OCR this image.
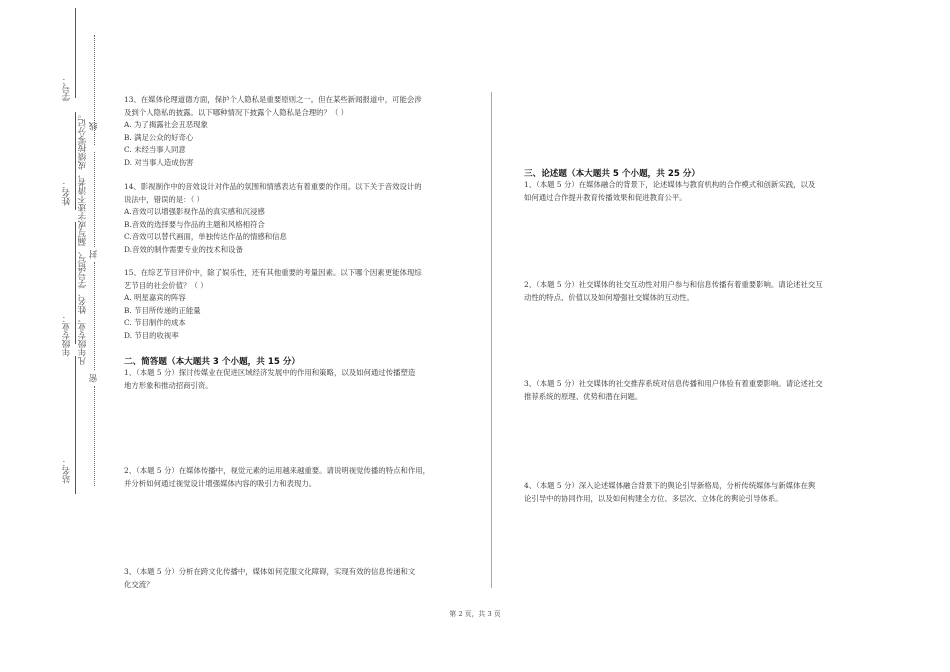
学号：
姓名：
年级专业：
站名：
凡年级专业、姓名、学号错写、漏写或字迹不清者，成绩按零分记。 线
封
密

13、在媒体伦理道德方面，保护个人隐私是重要原则之一。但在某些新闻报道中，可能会涉

及到个人隐私的披露。以下哪种情况下披露个人隐私是合理的？（ ）

A. 为了揭露社会丑恶现象

B. 满足公众的好奇心

C. 未经当事人同意

D. 对当事人造成伤害

14、影视制作中的音效设计对作品的氛围和情感表达有着重要的作用。以下关于音效设计的

说法中，错误的是：（ ）

A.音效可以增强影视作品的真实感和沉浸感

B.音效的选择要与作品的主题和风格相符合

C.音效可以替代画面，单独传达作品的情感和信息

D.音效的制作需要专业的技术和设备

15、在综艺节目评价中，除了娱乐性，还有其他重要的考量因素。以下哪个因素更能体现综

艺节目的社会价值？（ ）

A. 明星嘉宾的阵容

B. 节目所传递的正能量

C. 节目制作的成本

D. 节目的收视率

二、简答题（本大题共 3 个小题，共 15 分）

1、（本题 5 分）探讨传媒业在促进区域经济发展中的作用和策略，以及如何通过传播塑造

地方形象和推动招商引资。

2、（本题 5 分）在媒体传播中，视觉元素的运用越来越重要。请说明视觉传播的特点和作用，

并分析如何通过视觉设计增强媒体内容的吸引力和表现力。

3、（本题 5 分）分析在跨文化传播中，媒体如何克服文化障碍，实现有效的信息传递和文

化交流？

三、论述题（本大题共 5 个小题，共 25 分）

1、（本题 5 分）在媒体融合的背景下，论述媒体与教育机构的合作模式和创新实践，以及

如何通过合作提升教育传播效果和促进教育公平。

2、（本题 5 分）社交媒体的社交互动性对用户参与和信息传播有着重要影响。请论述社交互

动性的特点、价值以及如何增强社交媒体的互动性。

3、（本题 5 分）社交媒体的社交推荐系统对信息传播和用户体验有着重要影响。请论述社交

推荐系统的原理、优势和潜在问题。

4、（本题 5 分）深入论述媒体融合背景下的舆论引导新格局，分析传统媒体与新媒体在舆

论引导中的协同作用，以及如何构建全方位、多层次、立体化的舆论引导体系。

第 2 页，共 3 页
